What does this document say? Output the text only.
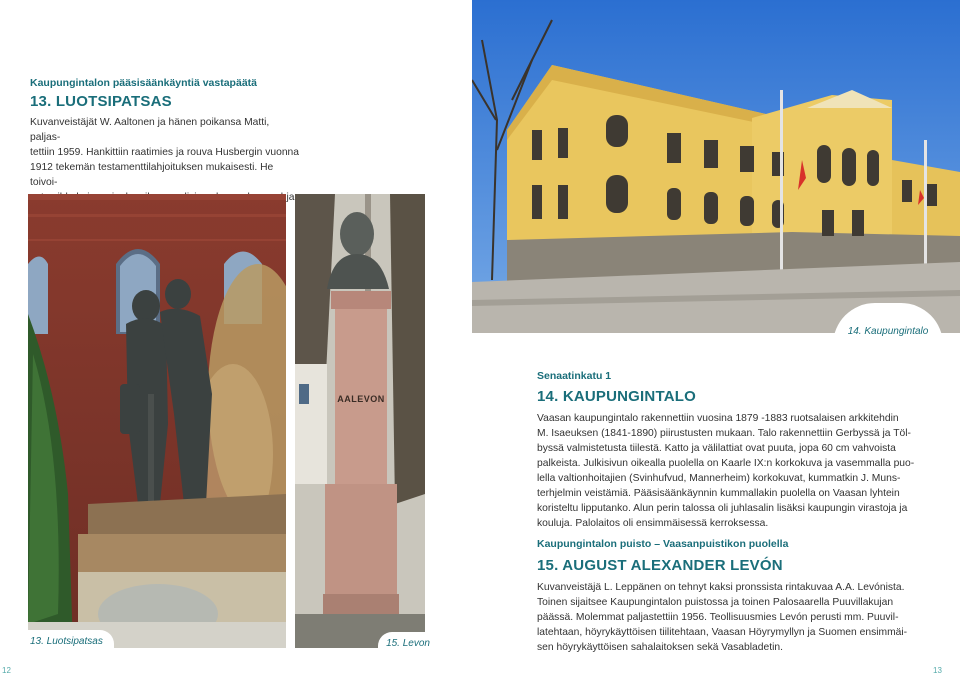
Kaupungintalon pääsisäänkäyntiä vastapäätä
13. LUOTSIPATSAS
Kuvanveistäjät W. Aaltonen ja hänen poikansa Matti, paljas-
tettiin 1959. Hankittiin raatimies ja rouva Husbergin vuonna
1912 tekemän testamenttilahjoituksen mukaisesti. He toivoi-
AALEVON
13. Luotsipatsas	15. Levon
12
14. Kaupungintalo
Senaatinkatu 1
14. KAUPUNGINTALO
Vaasan kaupungintalo rakennettiin vuosina 1879 -1883 ruotsalaisen arkkitehdin
M. Isaeuksen (1841-1890) piirustusten mukaan. Talo rakennettiin Gerbyssä ja Töl-
byssä valmistetusta tiilestä. Katto ja välilattiat ovat puuta, jopa 60 cm vahvoista
palkeista. Julkisivun oikealla puolella on Kaarle IX:n korkokuva ja vasemmalla puo-
lella valtionhoitajien (Svinhufvud, Mannerheim) korkokuvat, kummatkin J. Muns-
terhjelmin veistämiä. Pääsisäänkäynnin kummallakin puolella on Vaasan lyhtein
koristeltu lipputanko. Alun perin talossa oli juhlasalin lisäksi kaupungin virastoja ja
kouluja. Palolaitos oli ensimmäisessä kerroksessa.
Kaupungintalon puisto – Vaasanpuistikon puolella
15. AUGUST ALEXANDER LEVÓN
Kuvanveistäjä L. Leppänen on tehnyt kaksi pronssista rintakuvaa A.A. Levónista.
Toinen sijaitsee Kaupungintalon puistossa ja toinen Palosaarella Puuvillakujan
päässä. Molemmat paljastettiin 1956. Teollisuusmies Levón perusti mm. Puuvil-
latehtaan, höyrykäyttöisen tiilitehtaan, Vaasan Höyrymyllyn ja Suomen ensimmäi-
sen höyrykäyttöisen sahalaitoksen sekä Vasabladetin.
13
